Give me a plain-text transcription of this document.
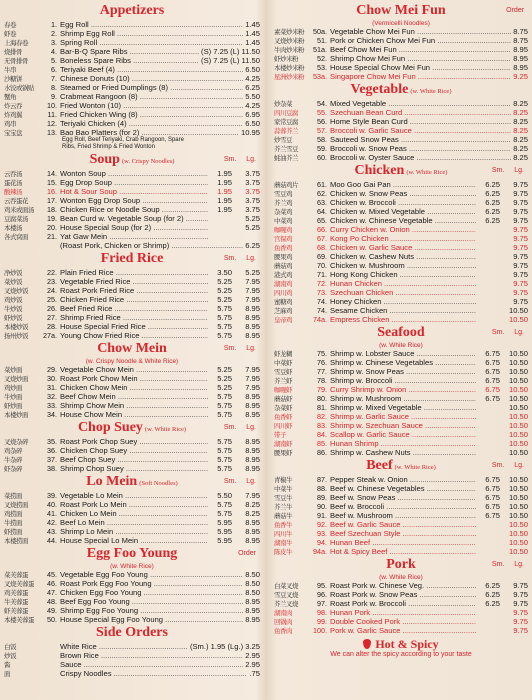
Appetizers
春卷	1. Egg Roll .....	1.45
虾卷	2. Shrimp Egg Roll .....	1.45
上海春卷	3. Spring Roll .....	1.45
烧排骨	4. Bar-B-Q Spare Ribs .....	(S) 7.25 (L) 11.50
无骨排骨	5. Boneless Spare Ribs .....	(S) 7.25 (L) 11.50
牛串	6. Teriyaki Beef (4) .....	6.50
沙糖饼	7. Chinese Donuts (10) .....	4.25
水饺或锅贴	8. Steamed or Fried Dumplings (8) .....	6.25
蟹角	9. Crabmeat Rangoon (8) .....	5.50
炸云吞	10. Fried Wonton (10) .....	4.25
炸鸡翼	11. Fried Chicken Wing (8) .....	6.95
鸡串	12. Teriyaki Chicken (4) .....	6.50
宝宝盘	13. Bao Bao Platters (for 2) .....	10.95
Egg Roll, Beef Teriyaki, Crab Rangoon, Spare
Ribs, Fried Shrimp & Fried Wonton
Soup (w. Crispy Noodles)	Sm. Lg.
云吞汤	14. Wonton Soup .....	1.95	3.75
蛋花汤	15. Egg Drop Soup .....	1.95	3.75
酸辣汤	16. Hot & Sour Soup .....	1.95	3.75
云吞蛋花	17. Wonton Egg Drop Soup .....	1.95	3.75
鸡米或面汤	18. Chicken Rice or Noodle Soup .....	1.95	3.75
豆腐菜汤	19. Bean Curd w. Vegetable Soup (for 2) .....	5.25
本楼汤	20. House Special Soup (for 2) .....	5.25
各式窝面	21. Yat Gaw Mein .....
(Roast Pork, Chicken or Shrimp) .....	6.25
Fried Rice	Sm. Lg.
净炒饭	22. Plain Fried Rice .....	3.50	5.25
菜炒饭	23. Vegetable Fried Rice .....	5.25	7.95
叉烧炒饭	24. Roast Pork Fried Rice .....	5.25	7.95
鸡炒饭	25. Chicken Fried Rice .....	5.25	7.95
牛炒饭	26. Beef Fried Rice .....	5.75	8.95
虾炒饭	27. Shrimp Fried Rice .....	5.75	8.95
本楼炒饭	28. House Special Fried Rice .....	5.75	8.95
扬州炒饭	27a. Young Chow Fried Rice .....	5.75	8.95
Chow Mein	Sm. Lg.
(w. Crispy Noodle & White Rice)
菜炒面	29. Vegetable Chow Mein .....	5.25	7.95
叉烧炒面	30. Roast Pork Chow Mein .....	5.25	7.95
鸡炒面	31. Chicken Chow Mein .....	5.25	7.95
牛炒面	32. Beef Chow Mein .....	5.75	8.95
虾炒面	33. Shrimp Chow Mein .....	5.75	8.95
本楼炒面	34. House Chow Mein .....	5.75	8.95
Chop Suey (w. White Rice)	Sm. Lg.
叉烧杂碎	35. Roast Pork Chop Suey .....	5.75	8.95
鸡杂碎	36. Chicken Chop Suey .....	5.75	8.95
牛杂碎	37. Beef Chop Suey .....	5.75	8.95
虾杂碎	38. Shrimp Chop Suey .....	5.75	8.95
Lo Mein (Soft Noodles)	Sm. Lg.
菜捞面	39. Vegetable Lo Mein .....	5.50	7.95
叉烧捞面	40. Roast Pork Lo Mein .....	5.75	8.25
鸡捞面	41. Chicken Lo Mein .....	5.75	8.25
牛捞面	42. Beef Lo Mein .....	5.95	8.95
虾捞面	43. Shrimp Lo Mein .....	5.95	8.95
本楼捞面	44. House Special Lo Mein .....	5.95	8.95
Egg Foo Young	Order
(w. White Rice)
菜芙蓉蛋	45. Vegetable Egg Foo Young .....	8.50
叉烧芙蓉蛋	46. Roast Pork Egg Foo Young .....	8.50
鸡芙蓉蛋	47. Chicken Egg Foo Young .....	8.50
牛芙蓉蛋	48. Beef Egg Foo Young .....	8.95
虾芙蓉蛋	49. Shrimp Egg Foo Young .....	8.95
本楼芙蓉蛋	50. House Special Egg Foo Young .....	8.95
Side Orders
白饭	White Rice .....	(Sm.) 1.95 (Lg.) 3.25
炒饭	Brown Rice .....	2.95
酱	Sauce .....	2.95
面	Crispy Noodles .....	.75
Chow Mei Fun	Order
(Vermicelli Noodles)
素菜炒米粉	50a. Vegetable Chow Mei Fun .....	8.75
叉烧炒米粉	51. Pork or Chicken Chow Mei Fun .....	8.75
牛肉炒米粉	51a. Beef Chow Mei Fun .....	8.95
虾炒米粉	52. Shrimp Chow Mei Fun .....	8.95
本楼炒米粉	53. House Special Chow Mei Fun .....	8.95
星洲炒米粉	53a. Singapore Chow Mei Fun .....	9.25
Vegetable (w. White Rice)
炒杂菜	54. Mixed Vegetable .....	8.25
四川豆腐	55. Szechuan Bean Curd .....	8.25
家常豆腐	56. Home Style Bean Curd .....	8.25
蒜蓉芥兰	57. Broccoli w. Garlic Sauce .....	8.25
炒雪豆	58. Sauteed Snow Peas .....	8.25
芥兰雪豆	59. Broccoli w. Snow Peas .....	8.25
蚝油芥兰	60. Broccoli w. Oyster Sauce .....	8.25
Chicken (w. White Rice)	Sm. Lg.
蘑菇鸡片	61. Moo Goo Gai Pan .....	6.25	9.75
雪豆鸡	62. Chicken w. Snow Peas .....	6.25	9.75
芥兰鸡	63. Chicken w. Broccoli .....	6.25	9.75
杂菜鸡	64. Chicken w. Mixed Vegetable .....	6.25	9.75
中菜鸡	65. Chicken w. Chinese Vegetable .....	6.25	9.75
咖喱鸡	66. Curry Chicken w. Onion .....	9.75
宫保鸡	67. Kong Po Chicken .....	9.75
鱼香鸡	68. Chicken w. Garlic Sauce .....	9.75
腰果鸡	69. Chicken w. Cashew Nuts .....	9.75
蘑菇鸡	70. Chicken w. Mushroom .....	9.75
港式鸡	71. Hong Kong Chicken .....	9.75
湖南鸡	72. Hunan Chicken .....	9.75
四川鸡	73. Szechuan Chicken .....	9.75
蜜糖鸡	74. Honey Chicken .....	9.75
芝麻鸡	74. Sesame Chicken .....	10.50
皇帝鸡	74a. Empress Chicken .....	10.50
Seafood	Sm. Lg.
(w. White Rice)
虾龙糊	75. Shrimp w. Lobster Sauce .....	6.75	10.50
中菜虾	76. Shrimp w. Chinese Vegetables .....	6.75	10.50
雪豆虾	77. Shrimp w. Snow Peas .....	6.75	10.50
芥兰虾	78. Shrimp w. Broccoli .....	6.75	10.50
咖喱虾	79. Curry Shrimp w. Onion .....	6.75	10.50
蘑菇虾	80. Shrimp w. Mushroom .....	6.75	10.50
杂菜虾	81. Shrimp w. Mixed Vegetable .....	10.50
鱼香虾	82. Shrimp w. Garlic Sauce .....	10.50
四川虾	83. Shrimp w. Szechuan Sauce .....	10.50
带子	84. Scallop w. Garlic Sauce .....	10.50
湖南虾	85. Hunan Shrimp .....	10.50
腰果虾	86. Shrimp w. Cashew Nuts .....	10.50
Beef (w. White Rice)	Sm. Lg.
青椒牛	87. Pepper Steak w. Onion .....	6.75	10.50
中菜牛	88. Beef w. Chinese Vegetables .....	6.75	10.50
雪豆牛	89. Beef w. Snow Peas .....	6.75	10.50
芥兰牛	90. Beef w. Broccoli .....	6.75	10.50
蘑菇牛	91. Beef w. Mushroom .....	6.75	10.50
鱼香牛	92. Beef w. Garlic Sauce .....	10.50
四川牛	93. Beef Szechuan Style .....	10.50
湖南牛	94. Hunan Beef .....	10.50
陈皮牛	94a. Hot & Spicy Beef .....	10.50
Pork	Sm. Lg.
(w. White Rice)
白菜叉烧	95. Roast Pork w. Chinese Veg. .....	6.25	9.75
雪豆叉烧	96. Roast Pork w. Snow Peas .....	6.25	9.75
芥兰叉烧	97. Roast Pork w. Broccoli .....	6.25	9.75
湖南肉	98. Hunan Pork .....	9.75
回锅肉	99. Double Cooked Pork .....	9.75
鱼香肉	100. Pork w. Garlic Sauce .....	9.75
Hot & Spicy
We can alter the spicy according to your taste
